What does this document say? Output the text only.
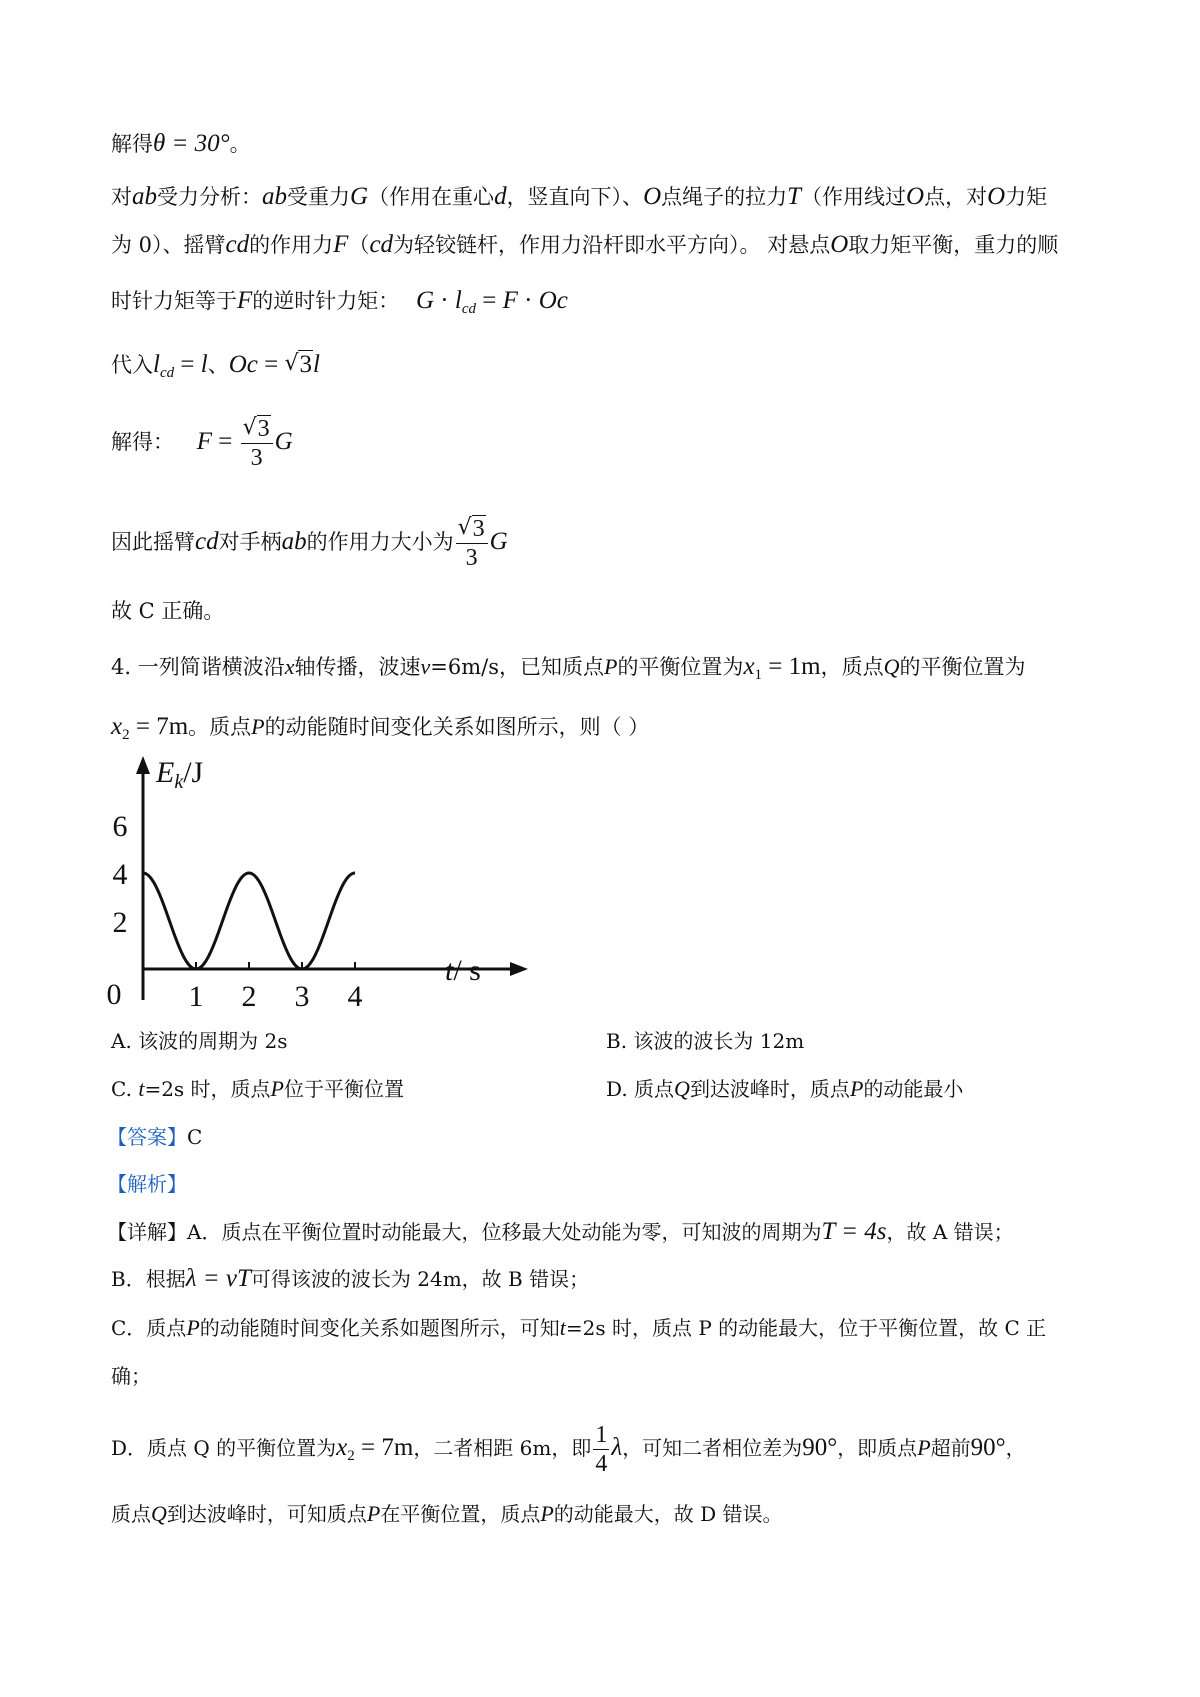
解得θ = 30°。
对ab受力分析：ab受重力G（作用在重心d，竖直向下）、O点绳子的拉力T（作用线过O点，对O力矩
为 0）、摇臂cd的作用力F（cd为轻铰链杆，作用力沿杆即水平方向）。 对悬点O取力矩平衡，重力的顺
时针力矩等于F的逆时针力矩： $G \cdot l_{cd} = F \cdot Oc$
代入$l_{cd} = l$、Oc = √ 3l
解得： F = √ $\frac{3}{3}$ G
因此摇臂cd对手柄ab的作用力大小为 √ $\frac{3}{3}$ G
故 C 正确。
4. 一列简谐横波沿x轴传播，波速v=6m/s，已知质点P的平衡位置为$x_1 = 1m$，质点Q的平衡位置为
$x_2 = 7m$。质点P的动能随时间变化关系如图所示，则（ ）
6
4
2
0 1 2 3 4
$E_k/J$
t/ s
A. 该波的周期为 2s	B. 该波的波长为 12m
C. t=2s 时，质点P位于平衡位置	D. 质点Q到达波峰时，质点P的动能最小
【答案】C
【解析】
【详解】A．质点在平衡位置时动能最大，位移最大处动能为零，可知波的周期为T = 4s，故 A 错误；
B．根据λ = vT可得该波的波长为 24m，故 B 错误；
C．质点P的动能随时间变化关系如题图所示，可知t=2s 时，质点 P 的动能最大，位于平衡位置，故 C 正
确；
D．质点 Q 的平衡位置为$x_2 = 7m$，二者相距 6m，即 $\frac{1}{4}$ λ，可知二者相位差为90°，即质点P超前90°，
质点Q到达波峰时，可知质点P在平衡位置，质点P的动能最大，故 D 错误。
